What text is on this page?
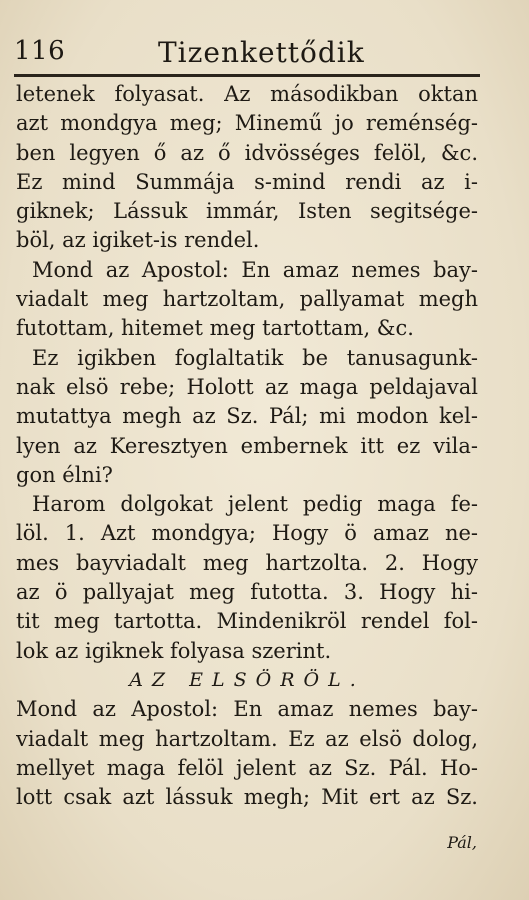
116	Tizenkettődik
letenek folyasat. Az másodikban oktan
azt mondgya meg; Minemű jo reménség-
ben legyen ő az ő idvösséges felöl, &c.
Ez mind Summája s-mind rendi az i-
giknek; Lássuk immár, Isten segitsége-
böl, az igiket-is rendel.
Mond az Apostol: En amaz nemes bay-
viadalt meg hartzoltam, pallyamat megh
futottam, hitemet meg tartottam, &c.
Ez igikben foglaltatik be tanusagunk-
nak elsö rebe; Holott az maga peldajaval
mutattya megh az Sz. Pál; mi modon kel-
lyen az Keresztyen embernek itt ez vila-
gon élni?
Harom dolgokat jelent pedig maga fe-
löl. 1. Azt mondgya; Hogy ö amaz ne-
mes bayviadalt meg hartzolta. 2. Hogy
az ö pallyajat meg futotta. 3. Hogy hi-
tit meg tartotta. Mindenikröl rendel fol-
lok az igiknek folyasa szerint.
AZ ELSÖRÖL.
Mond az Apostol: En amaz nemes bay-
viadalt meg hartzoltam. Ez az elsö dolog,
mellyet maga felöl jelent az Sz. Pál. Ho-
lott csak azt lássuk megh; Mit ert az Sz.
Pál,
